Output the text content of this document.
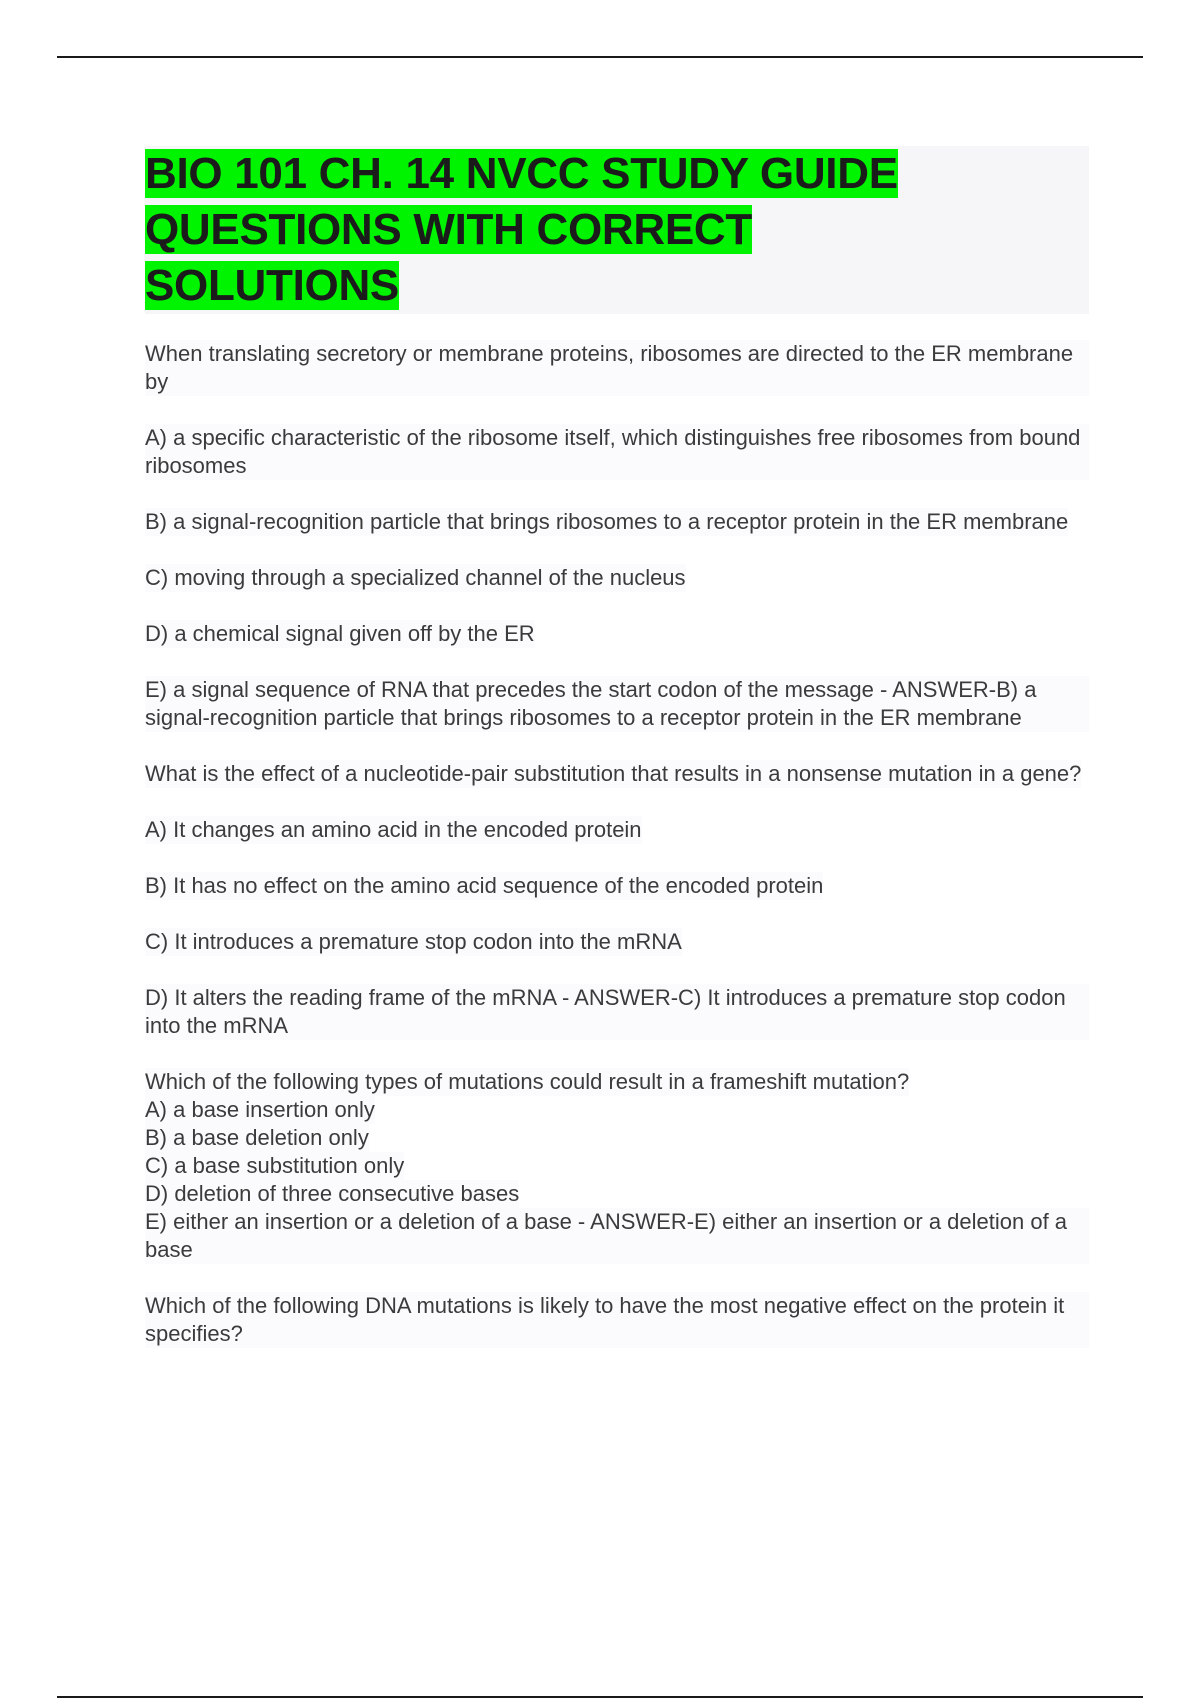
BIO 101 CH. 14 NVCC STUDY GUIDE
QUESTIONS WITH CORRECT
SOLUTIONS

When translating secretory or membrane proteins, ribosomes are directed to the ER membrane by

A) a specific characteristic of the ribosome itself, which distinguishes free ribosomes from bound ribosomes

B) a signal-recognition particle that brings ribosomes to a receptor protein in the ER membrane

C) moving through a specialized channel of the nucleus

D) a chemical signal given off by the ER

E) a signal sequence of RNA that precedes the start codon of the message - ANSWER-B) a signal-recognition particle that brings ribosomes to a receptor protein in the ER membrane

What is the effect of a nucleotide-pair substitution that results in a nonsense mutation in a gene?

A) It changes an amino acid in the encoded protein

B) It has no effect on the amino acid sequence of the encoded protein

C) It introduces a premature stop codon into the mRNA

D) It alters the reading frame of the mRNA - ANSWER-C) It introduces a premature stop codon into the mRNA

Which of the following types of mutations could result in a frameshift mutation?

A) a base insertion only

B) a base deletion only

C) a base substitution only

D) deletion of three consecutive bases

E) either an insertion or a deletion of a base - ANSWER-E) either an insertion or a deletion of a base

Which of the following DNA mutations is likely to have the most negative effect on the protein it specifies?
